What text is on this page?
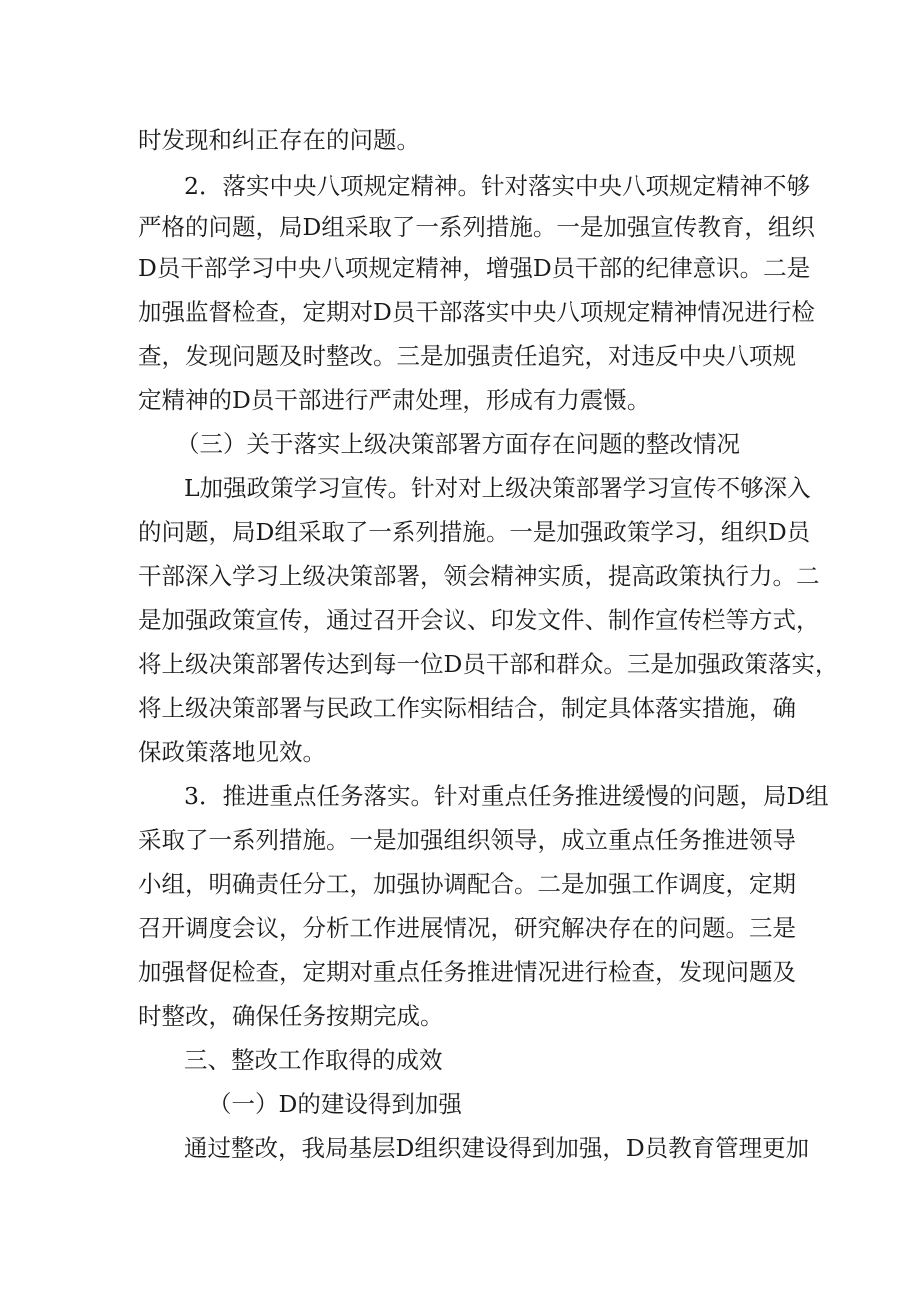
时发现和纠正存在的问题。
2．落实中央八项规定精神。针对落实中央八项规定精神不够
严格的问题，局D组采取了一系列措施。一是加强宣传教育，组织
D员干部学习中央八项规定精神，增强D员干部的纪律意识。二是
加强监督检查，定期对D员干部落实中央八项规定精神情况进行检
查，发现问题及时整改。三是加强责任追究，对违反中央八项规
定精神的D员干部进行严肃处理，形成有力震慑。
（三）关于落实上级决策部署方面存在问题的整改情况
L加强政策学习宣传。针对对上级决策部署学习宣传不够深入
的问题，局D组采取了一系列措施。一是加强政策学习，组织D员
干部深入学习上级决策部署，领会精神实质，提高政策执行力。二
是加强政策宣传，通过召开会议、印发文件、制作宣传栏等方式，
将上级决策部署传达到每一位D员干部和群众。三是加强政策落实，
将上级决策部署与民政工作实际相结合，制定具体落实措施，确
保政策落地见效。
3．推进重点任务落实。针对重点任务推进缓慢的问题，局D组
采取了一系列措施。一是加强组织领导，成立重点任务推进领导
小组，明确责任分工，加强协调配合。二是加强工作调度，定期
召开调度会议，分析工作进展情况，研究解决存在的问题。三是
加强督促检查，定期对重点任务推进情况进行检查，发现问题及
时整改，确保任务按期完成。
三、整改工作取得的成效
（一）D的建设得到加强
通过整改，我局基层D组织建设得到加强，D员教育管理更加
